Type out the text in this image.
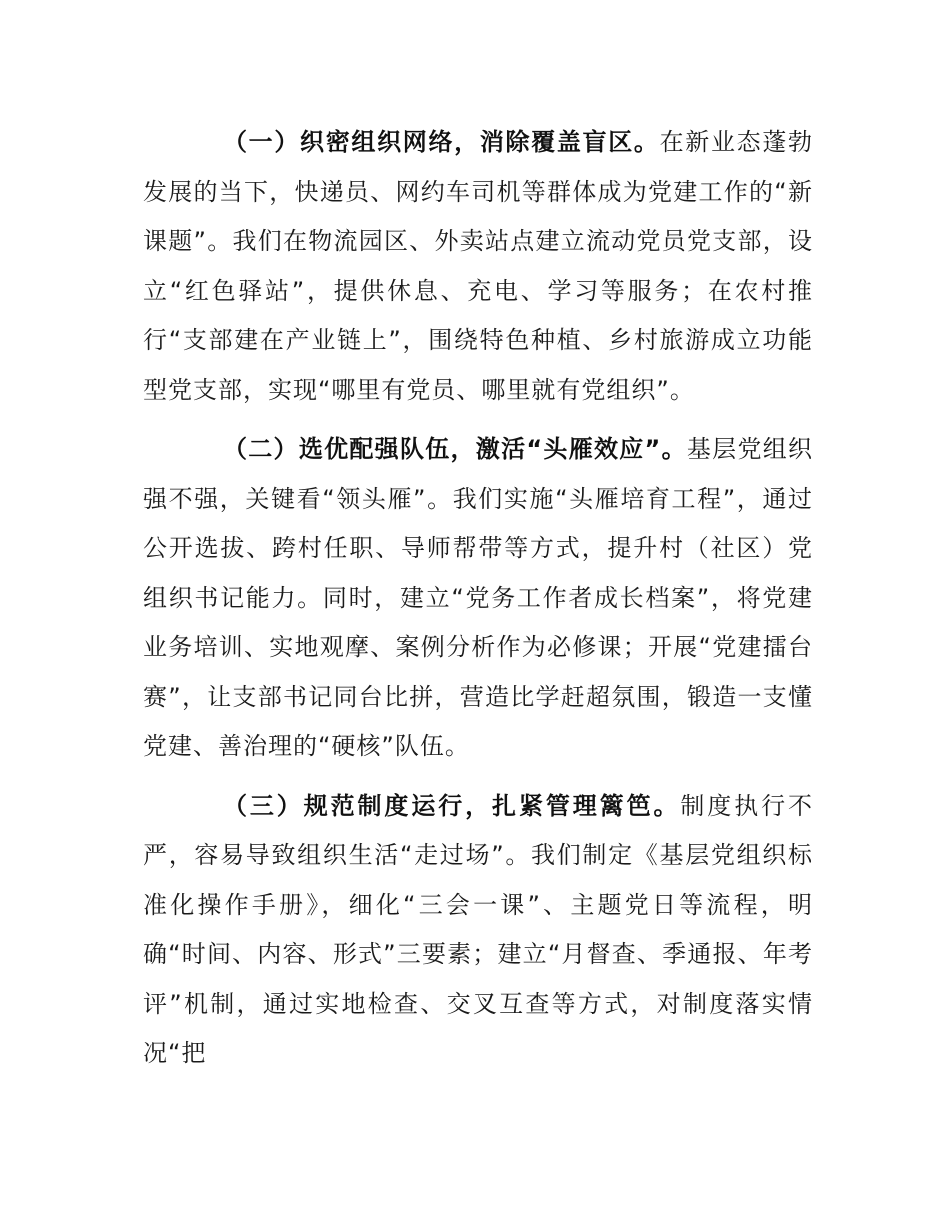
（一）织密组织网络，消除覆盖盲区。在新业态蓬勃发展的当下，快递员、网约车司机等群体成为党建工作的“新课题”。我们在物流园区、外卖站点建立流动党员党支部，设立“红色驿站”，提供休息、充电、学习等服务；在农村推行“支部建在产业链上”，围绕特色种植、乡村旅游成立功能型党支部，实现“哪里有党员、哪里就有党组织”。

（二）选优配强队伍，激活“头雁效应”。基层党组织强不强，关键看“领头雁”。我们实施“头雁培育工程”，通过公开选拔、跨村任职、导师帮带等方式，提升村（社区）党组织书记能力。同时，建立“党务工作者成长档案”，将党建业务培训、实地观摩、案例分析作为必修课；开展“党建擂台赛”，让支部书记同台比拼，营造比学赶超氛围，锻造一支懂党建、善治理的“硬核”队伍。

（三）规范制度运行，扎紧管理篱笆。制度执行不严，容易导致组织生活“走过场”。我们制定《基层党组织标准化操作手册》，细化“三会一课”、主题党日等流程，明确“时间、内容、形式”三要素；建立“月督查、季通报、年考评”机制，通过实地检查、交叉互查等方式，对制度落实情况“把
